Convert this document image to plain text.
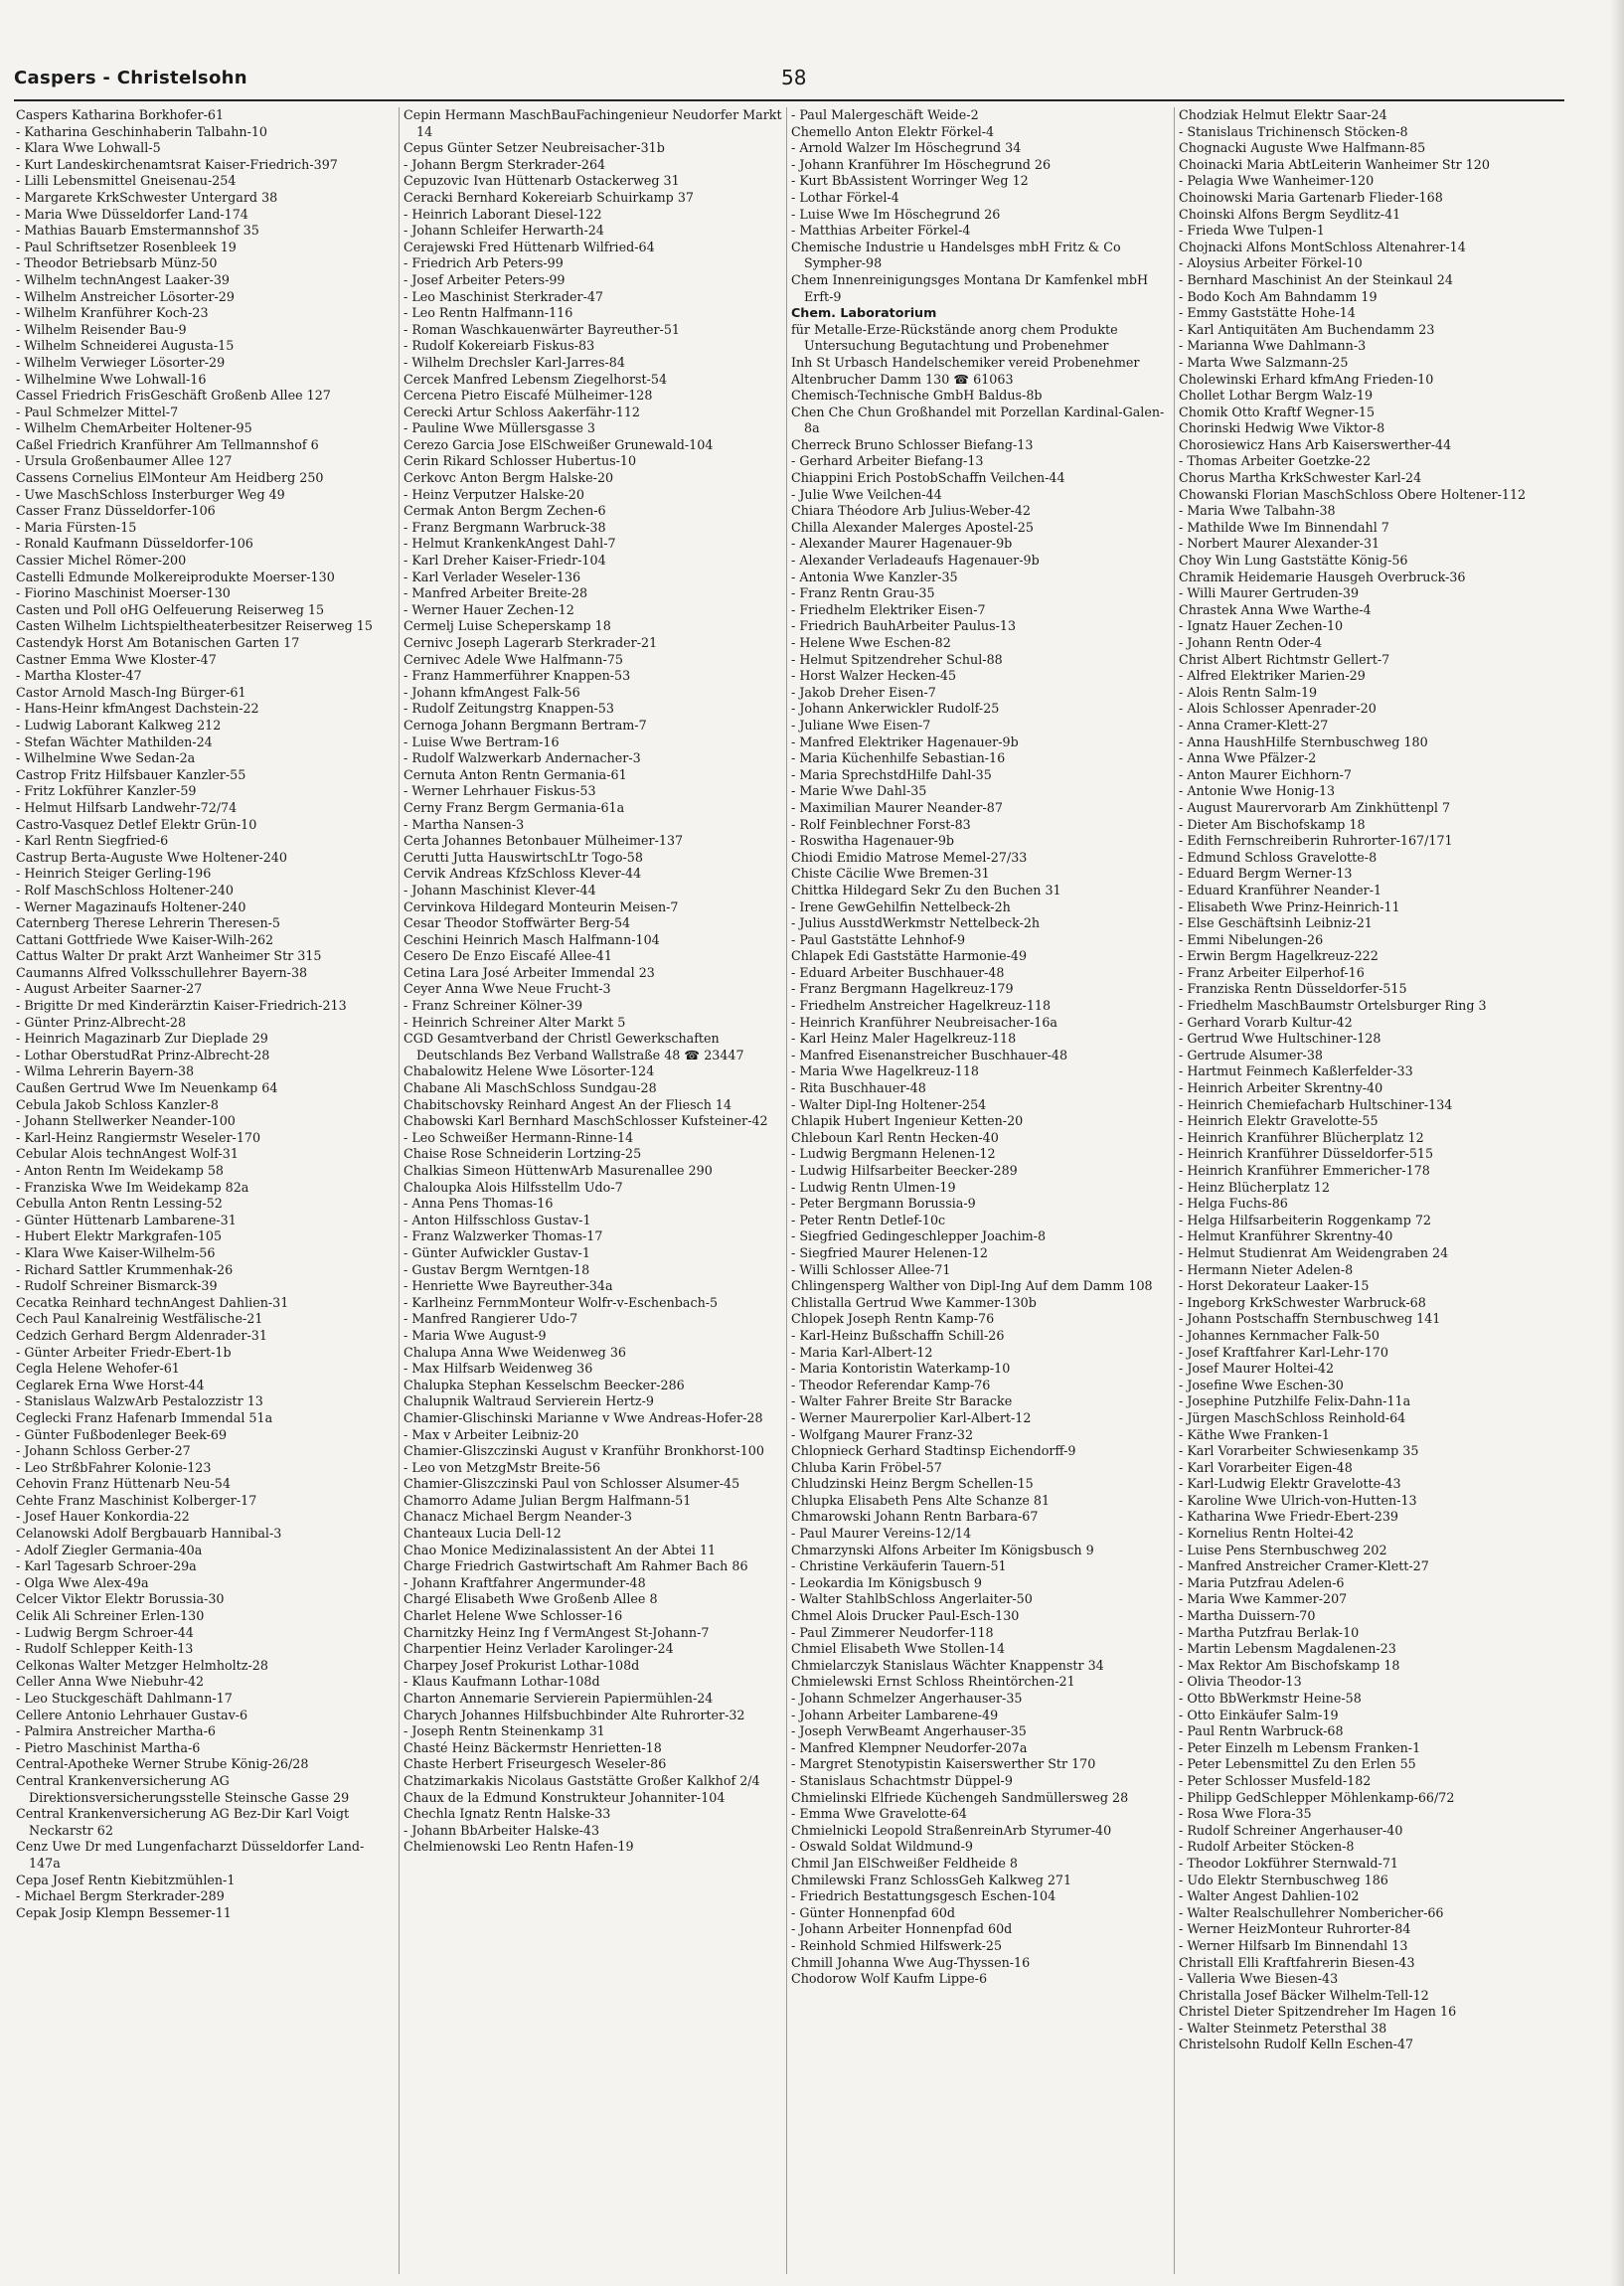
Caspers - Christelsohn	58

Caspers Katharina Borkhofer-61

- Katharina Geschinhaberin Talbahn-10

- Klara Wwe Lohwall-5

- Kurt Landeskirchenamtsrat Kaiser-Friedrich-397

- Lilli Lebensmittel Gneisenau-254

- Margarete KrkSchwester Untergard 38

- Maria Wwe Düsseldorfer Land-174

- Mathias Bauarb Emstermannshof 35

- Paul Schriftsetzer Rosenbleek 19

- Theodor Betriebsarb Münz-50

- Wilhelm technAngest Laaker-39

- Wilhelm Anstreicher Lösorter-29

- Wilhelm Kranführer Koch-23

- Wilhelm Reisender Bau-9

- Wilhelm Schneiderei Augusta-15

- Wilhelm Verwieger Lösorter-29

- Wilhelmine Wwe Lohwall-16

Cassel Friedrich FrisGeschäft Großenb Allee 127

- Paul Schmelzer Mittel-7

- Wilhelm ChemArbeiter Holtener-95

Caßel Friedrich Kranführer Am Tellmannshof 6

- Ursula Großenbaumer Allee 127

Cassens Cornelius ElMonteur Am Heidberg 250

- Uwe MaschSchloss Insterburger Weg 49

Casser Franz Düsseldorfer-106

- Maria Fürsten-15

- Ronald Kaufmann Düsseldorfer-106

Cassier Michel Römer-200

Castelli Edmunde Molkereiprodukte Moerser-130

- Fiorino Maschinist Moerser-130

Casten und Poll oHG Oelfeuerung Reiserweg 15

Casten Wilhelm Lichtspieltheaterbesitzer Reiserweg 15

Castendyk Horst Am Botanischen Garten 17

Castner Emma Wwe Kloster-47

- Martha Kloster-47

Castor Arnold Masch-Ing Bürger-61

- Hans-Heinr kfmAngest Dachstein-22

- Ludwig Laborant Kalkweg 212

- Stefan Wächter Mathilden-24

- Wilhelmine Wwe Sedan-2a

Castrop Fritz Hilfsbauer Kanzler-55

- Fritz Lokführer Kanzler-59

- Helmut Hilfsarb Landwehr-72/74

Castro-Vasquez Detlef Elektr Grün-10

- Karl Rentn Siegfried-6

Castrup Berta-Auguste Wwe Holtener-240

- Heinrich Steiger Gerling-196

- Rolf MaschSchloss Holtener-240

- Werner Magazinaufs Holtener-240

Caternberg Therese Lehrerin Theresen-5

Cattani Gottfriede Wwe Kaiser-Wilh-262

Cattus Walter Dr prakt Arzt Wanheimer Str 315

Caumanns Alfred Volksschullehrer Bayern-38

- August Arbeiter Saarner-27

- Brigitte Dr med Kinderärztin Kaiser-Friedrich-213

- Günter Prinz-Albrecht-28

- Heinrich Magazinarb Zur Dieplade 29

- Lothar OberstudRat Prinz-Albrecht-28

- Wilma Lehrerin Bayern-38

Caußen Gertrud Wwe Im Neuenkamp 64

Cebula Jakob Schloss Kanzler-8

- Johann Stellwerker Neander-100

- Karl-Heinz Rangiermstr Weseler-170

Cebular Alois technAngest Wolf-31

- Anton Rentn Im Weidekamp 58

- Franziska Wwe Im Weidekamp 82a

Cebulla Anton Rentn Lessing-52

- Günter Hüttenarb Lambarene-31

- Hubert Elektr Markgrafen-105

- Klara Wwe Kaiser-Wilhelm-56

- Richard Sattler Krummenhak-26

- Rudolf Schreiner Bismarck-39

Cecatka Reinhard technAngest Dahlien-31

Cech Paul Kanalreinig Westfälische-21

Cedzich Gerhard Bergm Aldenrader-31

- Günter Arbeiter Friedr-Ebert-1b

Cegla Helene Wehofer-61

Ceglarek Erna Wwe Horst-44

- Stanislaus WalzwArb Pestalozzistr 13

Ceglecki Franz Hafenarb Immendal 51a

- Günter Fußbodenleger Beek-69

- Johann Schloss Gerber-27

- Leo StrßbFahrer Kolonie-123

Cehovin Franz Hüttenarb Neu-54

Cehte Franz Maschinist Kolberger-17

- Josef Hauer Konkordia-22

Celanowski Adolf Bergbauarb Hannibal-3

- Adolf Ziegler Germania-40a

- Karl Tagesarb Schroer-29a

- Olga Wwe Alex-49a

Celcer Viktor Elektr Borussia-30

Celik Ali Schreiner Erlen-130

- Ludwig Bergm Schroer-44

- Rudolf Schlepper Keith-13

Celkonas Walter Metzger Helmholtz-28

Celler Anna Wwe Niebuhr-42

- Leo Stuckgeschäft Dahlmann-17

Cellere Antonio Lehrhauer Gustav-6

- Palmira Anstreicher Martha-6

- Pietro Maschinist Martha-6

Central-Apotheke Werner Strube König-26/28

Central Krankenversicherung AG Direktionsversicherungsstelle Steinsche Gasse 29

Central Krankenversicherung AG Bez-Dir Karl Voigt Neckarstr 62

Cenz Uwe Dr med Lungenfacharzt Düsseldorfer Land-147a

Cepa Josef Rentn Kiebitzmühlen-1

- Michael Bergm Sterkrader-289

Cepak Josip Klempn Bessemer-11

Cepin Hermann MaschBauFachingenieur Neudorfer Markt 14

Cepus Günter Setzer Neubreisacher-31b

- Johann Bergm Sterkrader-264

Cepuzovic Ivan Hüttenarb Ostackerweg 31

Ceracki Bernhard Kokereiarb Schuirkamp 37

- Heinrich Laborant Diesel-122

- Johann Schleifer Herwarth-24

Cerajewski Fred Hüttenarb Wilfried-64

- Friedrich Arb Peters-99

- Josef Arbeiter Peters-99

- Leo Maschinist Sterkrader-47

- Leo Rentn Halfmann-116

- Roman Waschkauenwärter Bayreuther-51

- Rudolf Kokereiarb Fiskus-83

- Wilhelm Drechsler Karl-Jarres-84

Cercek Manfred Lebensm Ziegelhorst-54

Cercena Pietro Eiscafé Mülheimer-128

Cerecki Artur Schloss Aakerfähr-112

- Pauline Wwe Müllersgasse 3

Cerezo Garcia Jose ElSchweißer Grunewald-104

Cerin Rikard Schlosser Hubertus-10

Cerkovc Anton Bergm Halske-20

- Heinz Verputzer Halske-20

Cermak Anton Bergm Zechen-6

- Franz Bergmann Warbruck-38

- Helmut KrankenkAngest Dahl-7

- Karl Dreher Kaiser-Friedr-104

- Karl Verlader Weseler-136

- Manfred Arbeiter Breite-28

- Werner Hauer Zechen-12

Cermelj Luise Scheperskamp 18

Cernivc Joseph Lagerarb Sterkrader-21

Cernivec Adele Wwe Halfmann-75

- Franz Hammerführer Knappen-53

- Johann kfmAngest Falk-56

- Rudolf Zeitungstrg Knappen-53

Cernoga Johann Bergmann Bertram-7

- Luise Wwe Bertram-16

- Rudolf Walzwerkarb Andernacher-3

Cernuta Anton Rentn Germania-61

- Werner Lehrhauer Fiskus-53

Cerny Franz Bergm Germania-61a

- Martha Nansen-3

Certa Johannes Betonbauer Mülheimer-137

Cerutti Jutta HauswirtschLtr Togo-58

Cervik Andreas KfzSchloss Klever-44

- Johann Maschinist Klever-44

Cervinkova Hildegard Monteurin Meisen-7

Cesar Theodor Stoffwärter Berg-54

Ceschini Heinrich Masch Halfmann-104

Cesero De Enzo Eiscafé Allee-41

Cetina Lara José Arbeiter Immendal 23

Ceyer Anna Wwe Neue Frucht-3

- Franz Schreiner Kölner-39

- Heinrich Schreiner Alter Markt 5

CGD Gesamtverband der Christl Gewerkschaften Deutschlands Bez Verband Wallstraße 48 ☎ 23447

Chabalowitz Helene Wwe Lösorter-124

Chabane Ali MaschSchloss Sundgau-28

Chabitschovsky Reinhard Angest An der Fliesch 14

Chabowski Karl Bernhard MaschSchlosser Kufsteiner-42

- Leo Schweißer Hermann-Rinne-14

Chaise Rose Schneiderin Lortzing-25

Chalkias Simeon HüttenwArb Masurenallee 290

Chaloupka Alois Hilfsstellm Udo-7

- Anna Pens Thomas-16

- Anton Hilfsschloss Gustav-1

- Franz Walzwerker Thomas-17

- Günter Aufwickler Gustav-1

- Gustav Bergm Werntgen-18

- Henriette Wwe Bayreuther-34a

- Karlheinz FernmMonteur Wolfr-v-Eschenbach-5

- Manfred Rangierer Udo-7

- Maria Wwe August-9

Chalupa Anna Wwe Weidenweg 36

- Max Hilfsarb Weidenweg 36

Chalupka Stephan Kesselschm Beecker-286

Chalupnik Waltraud Servierein Hertz-9

Chamier-Glischinski Marianne v Wwe Andreas-Hofer-28

- Max v Arbeiter Leibniz-20

Chamier-Gliszczinski August v Kranführ Bronkhorst-100

- Leo von MetzgMstr Breite-56

Chamier-Gliszczinski Paul von Schlosser Alsumer-45

Chamorro Adame Julian Bergm Halfmann-51

Chanacz Michael Bergm Neander-3

Chanteaux Lucia Dell-12

Chao Monice Medizinalassistent An der Abtei 11

Charge Friedrich Gastwirtschaft Am Rahmer Bach 86

- Johann Kraftfahrer Angermunder-48

Chargé Elisabeth Wwe Großenb Allee 8

Charlet Helene Wwe Schlosser-16

Charnitzky Heinz Ing f VermAngest St-Johann-7

Charpentier Heinz Verlader Karolinger-24

Charpey Josef Prokurist Lothar-108d

- Klaus Kaufmann Lothar-108d

Charton Annemarie Servierein Papiermühlen-24

Charych Johannes Hilfsbuchbinder Alte Ruhrorter-32

- Joseph Rentn Steinenkamp 31

Chasté Heinz Bäckermstr Henrietten-18

Chaste Herbert Friseurgesch Weseler-86

Chatzimarkakis Nicolaus Gaststätte Großer Kalkhof 2/4

Chaux de la Edmund Konstrukteur Johanniter-104

Chechla Ignatz Rentn Halske-33

- Johann BbArbeiter Halske-43

Chelmienowski Leo Rentn Hafen-19

- Paul Malergeschäft Weide-2

Chemello Anton Elektr Förkel-4

- Arnold Walzer Im Höschegrund 34

- Johann Kranführer Im Höschegrund 26

- Kurt BbAssistent Worringer Weg 12

- Lothar Förkel-4

- Luise Wwe Im Höschegrund 26

- Matthias Arbeiter Förkel-4

Chemische Industrie u Handelsges mbH Fritz & Co Sympher-98

Chem Innenreinigungsges Montana Dr Kamfenkel mbH Erft-9

Chem. Laboratorium

für Metalle-Erze-Rückstände anorg chem Produkte Untersuchung Begutachtung und Probenehmer

Inh St Urbasch Handelschemiker vereid Probenehmer

Altenbrucher Damm 130 ☎ 61063

Chemisch-Technische GmbH Baldus-8b

Chen Che Chun Großhandel mit Porzellan Kardinal-Galen-8a

Cherreck Bruno Schlosser Biefang-13

- Gerhard Arbeiter Biefang-13

Chiappini Erich PostobSchaffn Veilchen-44

- Julie Wwe Veilchen-44

Chiara Théodore Arb Julius-Weber-42

Chilla Alexander Malerges Apostel-25

- Alexander Maurer Hagenauer-9b

- Alexander Verladeaufs Hagenauer-9b

- Antonia Wwe Kanzler-35

- Franz Rentn Grau-35

- Friedhelm Elektriker Eisen-7

- Friedrich BauhArbeiter Paulus-13

- Helene Wwe Eschen-82

- Helmut Spitzendreher Schul-88

- Horst Walzer Hecken-45

- Jakob Dreher Eisen-7

- Johann Ankerwickler Rudolf-25

- Juliane Wwe Eisen-7

- Manfred Elektriker Hagenauer-9b

- Maria Küchenhilfe Sebastian-16

- Maria SprechstdHilfe Dahl-35

- Marie Wwe Dahl-35

- Maximilian Maurer Neander-87

- Rolf Feinblechner Forst-83

- Roswitha Hagenauer-9b

Chiodi Emidio Matrose Memel-27/33

Chiste Cäcilie Wwe Bremen-31

Chittka Hildegard Sekr Zu den Buchen 31

- Irene GewGehilfin Nettelbeck-2h

- Julius AusstdWerkmstr Nettelbeck-2h

- Paul Gaststätte Lehnhof-9

Chlapek Edi Gaststätte Harmonie-49

- Eduard Arbeiter Buschhauer-48

- Franz Bergmann Hagelkreuz-179

- Friedhelm Anstreicher Hagelkreuz-118

- Heinrich Kranführer Neubreisacher-16a

- Karl Heinz Maler Hagelkreuz-118

- Manfred Eisenanstreicher Buschhauer-48

- Maria Wwe Hagelkreuz-118

- Rita Buschhauer-48

- Walter Dipl-Ing Holtener-254

Chlapik Hubert Ingenieur Ketten-20

Chleboun Karl Rentn Hecken-40

- Ludwig Bergmann Helenen-12

- Ludwig Hilfsarbeiter Beecker-289

- Ludwig Rentn Ulmen-19

- Peter Bergmann Borussia-9

- Peter Rentn Detlef-10c

- Siegfried Gedingeschlepper Joachim-8

- Siegfried Maurer Helenen-12

- Willi Schlosser Allee-71

Chlingensperg Walther von Dipl-Ing Auf dem Damm 108

Chlistalla Gertrud Wwe Kammer-130b

Chlopek Joseph Rentn Kamp-76

- Karl-Heinz Bußschaffn Schill-26

- Maria Karl-Albert-12

- Maria Kontoristin Waterkamp-10

- Theodor Referendar Kamp-76

- Walter Fahrer Breite Str Baracke

- Werner Maurerpolier Karl-Albert-12

- Wolfgang Maurer Franz-32

Chlopnieck Gerhard Stadtinsp Eichendorff-9

Chluba Karin Fröbel-57

Chludzinski Heinz Bergm Schellen-15

Chlupka Elisabeth Pens Alte Schanze 81

Chmarowski Johann Rentn Barbara-67

- Paul Maurer Vereins-12/14

Chmarzynski Alfons Arbeiter Im Königsbusch 9

- Christine Verkäuferin Tauern-51

- Leokardia Im Königsbusch 9

- Walter StahlbSchloss Angerlaiter-50

Chmel Alois Drucker Paul-Esch-130

- Paul Zimmerer Neudorfer-118

Chmiel Elisabeth Wwe Stollen-14

Chmielarczyk Stanislaus Wächter Knappenstr 34

Chmielewski Ernst Schloss Rheintörchen-21

- Johann Schmelzer Angerhauser-35

- Johann Arbeiter Lambarene-49

- Joseph VerwBeamt Angerhauser-35

- Manfred Klempner Neudorfer-207a

- Margret Stenotypistin Kaiserswerther Str 170

- Stanislaus Schachtmstr Düppel-9

Chmielinski Elfriede Küchengeh Sandmüllersweg 28

- Emma Wwe Gravelotte-64

Chmielnicki Leopold StraßenreinArb Styrumer-40

- Oswald Soldat Wildmund-9

Chmil Jan ElSchweißer Feldheide 8

Chmilewski Franz SchlossGeh Kalkweg 271

- Friedrich Bestattungsgesch Eschen-104

- Günter Honnenpfad 60d

- Johann Arbeiter Honnenpfad 60d

- Reinhold Schmied Hilfswerk-25

Chmill Johanna Wwe Aug-Thyssen-16

Chodorow Wolf Kaufm Lippe-6

Chodziak Helmut Elektr Saar-24

- Stanislaus Trichinensch Stöcken-8

Chognacki Auguste Wwe Halfmann-85

Choinacki Maria AbtLeiterin Wanheimer Str 120

- Pelagia Wwe Wanheimer-120

Choinowski Maria Gartenarb Flieder-168

Choinski Alfons Bergm Seydlitz-41

- Frieda Wwe Tulpen-1

Chojnacki Alfons MontSchloss Altenahrer-14

- Aloysius Arbeiter Förkel-10

- Bernhard Maschinist An der Steinkaul 24

- Bodo Koch Am Bahndamm 19

- Emmy Gaststätte Hohe-14

- Karl Antiquitäten Am Buchendamm 23

- Marianna Wwe Dahlmann-3

- Marta Wwe Salzmann-25

Cholewinski Erhard kfmAng Frieden-10

Chollet Lothar Bergm Walz-19

Chomik Otto Kraftf Wegner-15

Chorinski Hedwig Wwe Viktor-8

Chorosiewicz Hans Arb Kaiserswerther-44

- Thomas Arbeiter Goetzke-22

Chorus Martha KrkSchwester Karl-24

Chowanski Florian MaschSchloss Obere Holtener-112

- Maria Wwe Talbahn-38

- Mathilde Wwe Im Binnendahl 7

- Norbert Maurer Alexander-31

Choy Win Lung Gaststätte König-56

Chramik Heidemarie Hausgeh Overbruck-36

- Willi Maurer Gertruden-39

Chrastek Anna Wwe Warthe-4

- Ignatz Hauer Zechen-10

- Johann Rentn Oder-4

Christ Albert Richtmstr Gellert-7

- Alfred Elektriker Marien-29

- Alois Rentn Salm-19

- Alois Schlosser Apenrader-20

- Anna Cramer-Klett-27

- Anna HaushHilfe Sternbuschweg 180

- Anna Wwe Pfälzer-2

- Anton Maurer Eichhorn-7

- Antonie Wwe Honig-13

- August Maurervorarb Am Zinkhüttenpl 7

- Dieter Am Bischofskamp 18

- Edith Fernschreiberin Ruhrorter-167/171

- Edmund Schloss Gravelotte-8

- Eduard Bergm Werner-13

- Eduard Kranführer Neander-1

- Elisabeth Wwe Prinz-Heinrich-11

- Else Geschäftsinh Leibniz-21

- Emmi Nibelungen-26

- Erwin Bergm Hagelkreuz-222

- Franz Arbeiter Eilperhof-16

- Franziska Rentn Düsseldorfer-515

- Friedhelm MaschBaumstr Ortelsburger Ring 3

- Gerhard Vorarb Kultur-42

- Gertrud Wwe Hultschiner-128

- Gertrude Alsumer-38

- Hartmut Feinmech Kaßlerfelder-33

- Heinrich Arbeiter Skrentny-40

- Heinrich Chemiefacharb Hultschiner-134

- Heinrich Elektr Gravelotte-55

- Heinrich Kranführer Blücherplatz 12

- Heinrich Kranführer Düsseldorfer-515

- Heinrich Kranführer Emmericher-178

- Heinz Blücherplatz 12

- Helga Fuchs-86

- Helga Hilfsarbeiterin Roggenkamp 72

- Helmut Kranführer Skrentny-40

- Helmut Studienrat Am Weidengraben 24

- Hermann Nieter Adelen-8

- Horst Dekorateur Laaker-15

- Ingeborg KrkSchwester Warbruck-68

- Johann Postschaffn Sternbuschweg 141

- Johannes Kernmacher Falk-50

- Josef Kraftfahrer Karl-Lehr-170

- Josef Maurer Holtei-42

- Josefine Wwe Eschen-30

- Josephine Putzhilfe Felix-Dahn-11a

- Jürgen MaschSchloss Reinhold-64

- Käthe Wwe Franken-1

- Karl Vorarbeiter Schwiesenkamp 35

- Karl Vorarbeiter Eigen-48

- Karl-Ludwig Elektr Gravelotte-43

- Karoline Wwe Ulrich-von-Hutten-13

- Katharina Wwe Friedr-Ebert-239

- Kornelius Rentn Holtei-42

- Luise Pens Sternbuschweg 202

- Manfred Anstreicher Cramer-Klett-27

- Maria Putzfrau Adelen-6

- Maria Wwe Kammer-207

- Martha Duissern-70

- Martha Putzfrau Berlak-10

- Martin Lebensm Magdalenen-23

- Max Rektor Am Bischofskamp 18

- Olivia Theodor-13

- Otto BbWerkmstr Heine-58

- Otto Einkäufer Salm-19

- Paul Rentn Warbruck-68

- Peter Einzelh m Lebensm Franken-1

- Peter Lebensmittel Zu den Erlen 55

- Peter Schlosser Musfeld-182

- Philipp GedSchlepper Möhlenkamp-66/72

- Rosa Wwe Flora-35

- Rudolf Schreiner Angerhauser-40

- Rudolf Arbeiter Stöcken-8

- Theodor Lokführer Sternwald-71

- Udo Elektr Sternbuschweg 186

- Walter Angest Dahlien-102

- Walter Realschullehrer Nombericher-66

- Werner HeizMonteur Ruhrorter-84

- Werner Hilfsarb Im Binnendahl 13

Christall Elli Kraftfahrerin Biesen-43

- Valleria Wwe Biesen-43

Christalla Josef Bäcker Wilhelm-Tell-12

Christel Dieter Spitzendreher Im Hagen 16

- Walter Steinmetz Petersthal 38

Christelsohn Rudolf Kelln Eschen-47
